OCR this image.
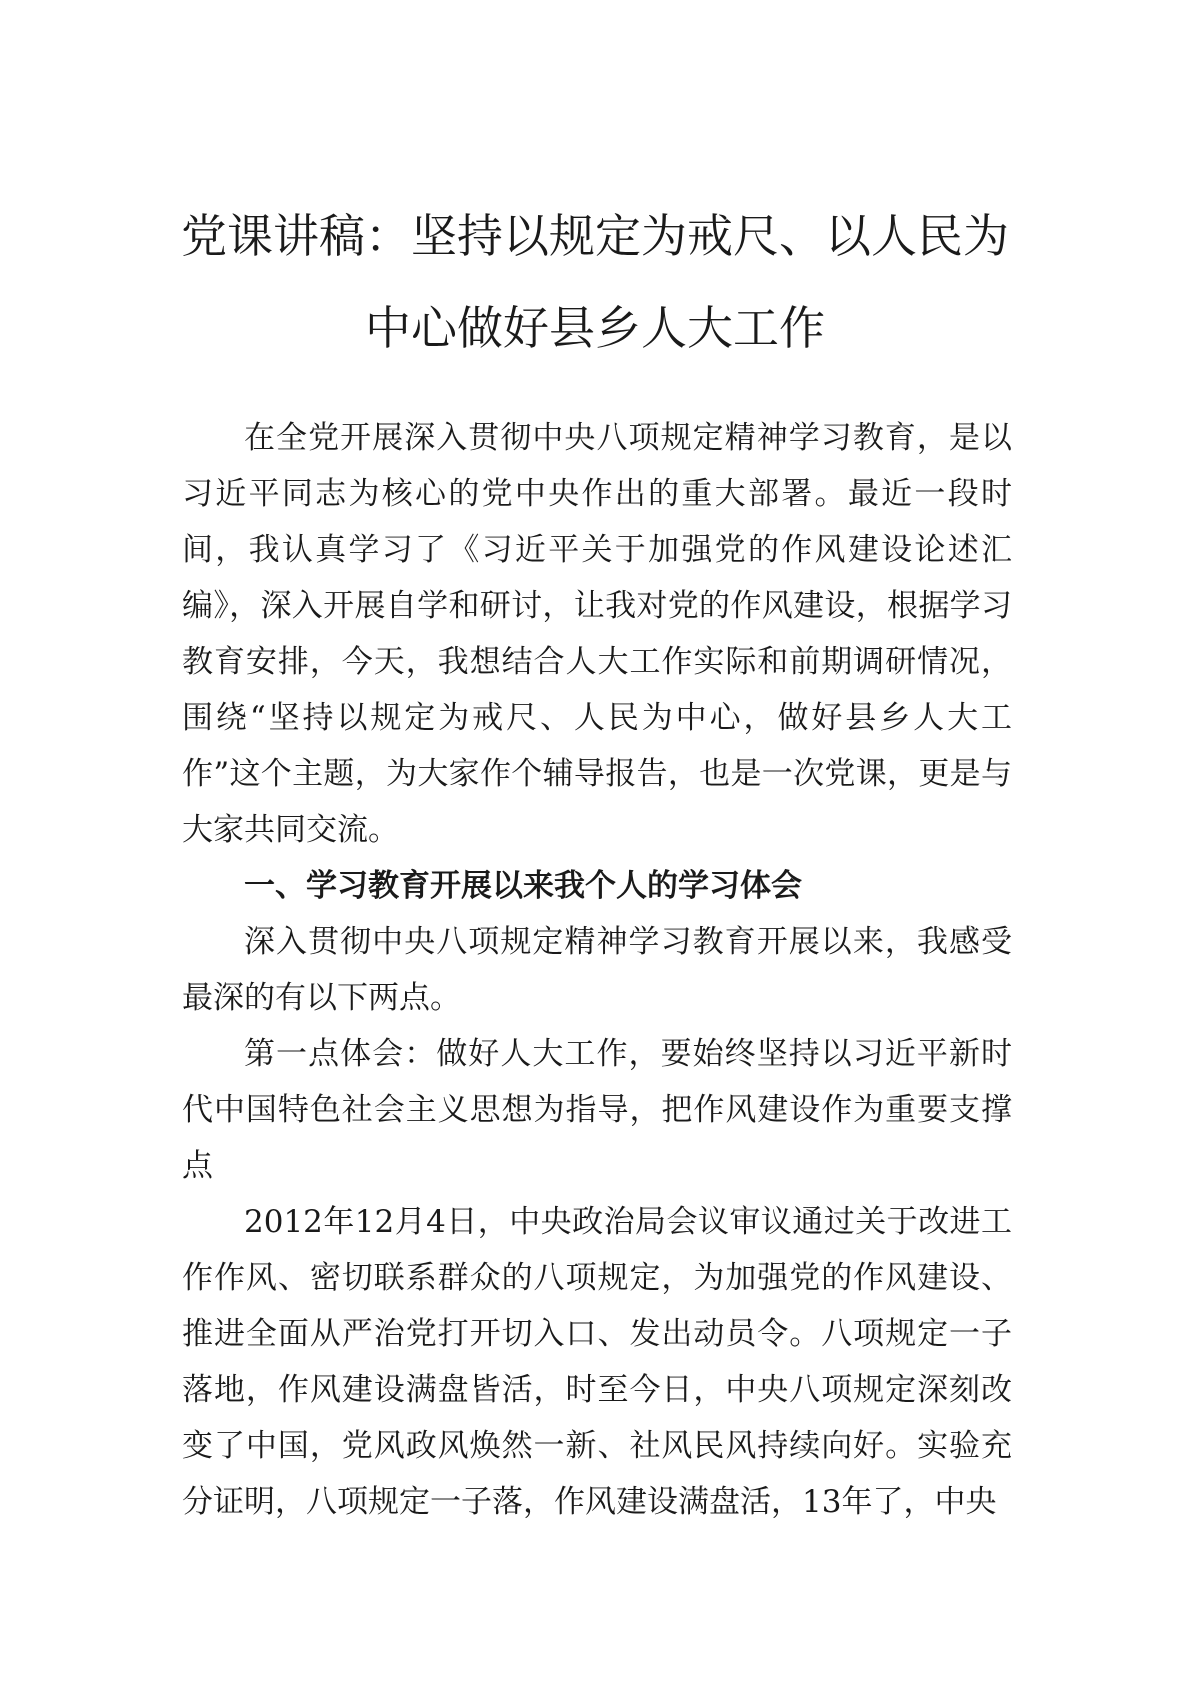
党课讲稿：坚持以规定为戒尺、以人民为中心做好县乡人大工作

在全党开展深入贯彻中央八项规定精神学习教育，是以习近平同志为核心的党中央作出的重大部署。最近一段时间，我认真学习了《习近平关于加强党的作风建设论述汇编》，深入开展自学和研讨，让我对党的作风建设，根据学习教育安排，今天，我想结合人大工作实际和前期调研情况，围绕“坚持以规定为戒尺、人民为中心，做好县乡人大工作”这个主题，为大家作个辅导报告，也是一次党课，更是与大家共同交流。

一、学习教育开展以来我个人的学习体会

深入贯彻中央八项规定精神学习教育开展以来，我感受最深的有以下两点。

第一点体会：做好人大工作，要始终坚持以习近平新时代中国特色社会主义思想为指导，把作风建设作为重要支撑点

2012年12月4日，中央政治局会议审议通过关于改进工作作风、密切联系群众的八项规定，为加强党的作风建设、推进全面从严治党打开切入口、发出动员令。八项规定一子落地，作风建设满盘皆活，时至今日，中央八项规定深刻改变了中国，党风政风焕然一新、社风民风持续向好。实验充分证明，八项规定一子落，作风建设满盘活，13年了，中央
